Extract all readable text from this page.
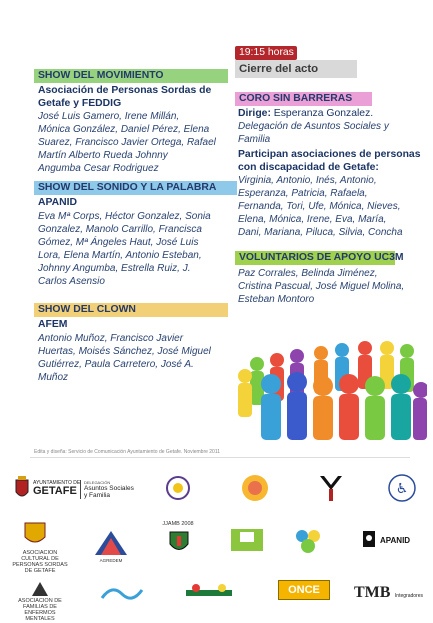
SHOW DEL MOVIMIENTO
Asociación de Personas Sordas de
Getafe y FEDDIG
José Luis Gamero, Irene Millán,
Mónica González, Daniel Pérez, Elena
Suarez, Francisco Javier Ortega, Rafael
Martín Alberto Rueda Johnny
Angumba Cesar Rodriguez
SHOW DEL SONIDO Y LA PALABRA
APANID
Eva Mª Corps, Héctor Gonzalez, Sonia
Gonzalez, Manolo Carrillo, Francisca
Gómez, Mª Ángeles Haut, José Luis
Lora, Elena Martín, Antonio Esteban,
Johnny Angumba, Estrella Ruiz, J.
Carlos Asensio
SHOW DEL CLOWN
AFEM
Antonio Muñoz, Francisco Javier
Huertas, Moisés Sánchez, José Miguel
Gutiérrez, Paula Carretero, José A.
Muñoz
19:15 horas
Cierre del acto
CORO SIN BARRERAS
Dirige: Esperanza Gonzalez.
Delegación de Asuntos Sociales y
Familia
Participan asociaciones de personas
con discapacidad de Getafe:
Virginia, Antonio, Inés, Antonio,
Esperanza, Patricia, Rafaela,
Fernanda, Tori, Ufe, Mónica, Nieves,
Elena, Mónica, Irene, Eva, María,
Dani, Mariana, Piluca, Silvia, Concha
VOLUNTARIOS DE APOYO UC3M
Paz Corrales, Belinda Jiménez,
Cristina Pascual, José Miguel Molina,
Esteban Montoro
Edita y diseña: Servicio de Comunicación Ayuntamiento de Getafe. Noviembre 2011
AYUNTAMIENTO DE
GETAFE
DELEGACIÓN
Asuntos Sociales
y Familia	♿
ASOCIACION CULTURAL DE PERSONAS SORDAS DE GETAFE
AGREDEM
JJAMB 2008
APANID
ASOCIACION DE FAMILIAS DE ENFERMOS MENTALES
ONCE TMB Integradores
